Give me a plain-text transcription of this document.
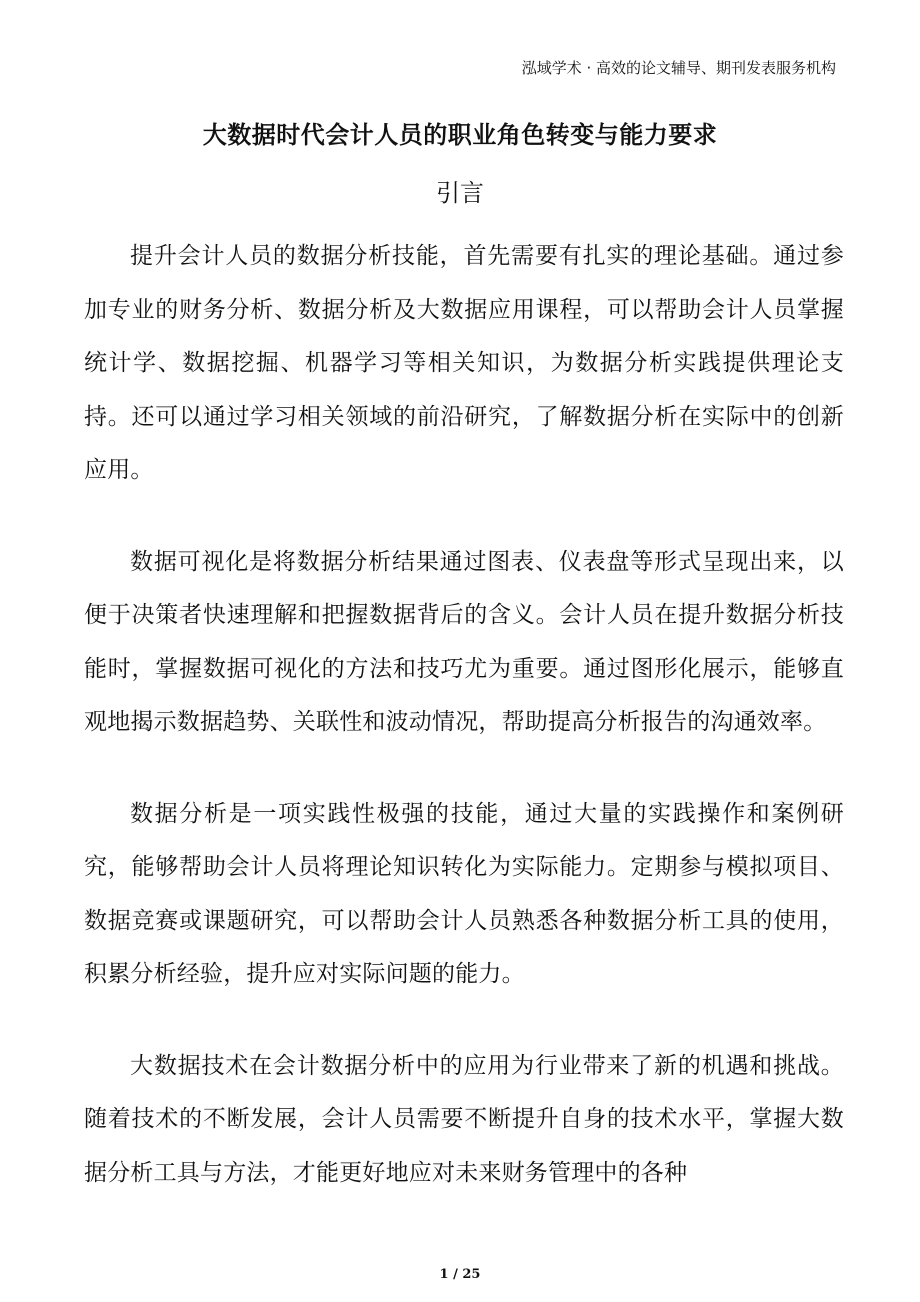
泓域学术 · 高效的论文辅导、期刊发表服务机构
大数据时代会计人员的职业角色转变与能力要求
引言

提升会计人员的数据分析技能，首先需要有扎实的理论基础。通过参加专业的财务分析、数据分析及大数据应用课程，可以帮助会计人员掌握统计学、数据挖掘、机器学习等相关知识，为数据分析实践提供理论支持。还可以通过学习相关领域的前沿研究，了解数据分析在实际中的创新应用。

数据可视化是将数据分析结果通过图表、仪表盘等形式呈现出来，以便于决策者快速理解和把握数据背后的含义。会计人员在提升数据分析技能时，掌握数据可视化的方法和技巧尤为重要。通过图形化展示，能够直观地揭示数据趋势、关联性和波动情况，帮助提高分析报告的沟通效率。

数据分析是一项实践性极强的技能，通过大量的实践操作和案例研究，能够帮助会计人员将理论知识转化为实际能力。定期参与模拟项目、数据竞赛或课题研究，可以帮助会计人员熟悉各种数据分析工具的使用，积累分析经验，提升应对实际问题的能力。

大数据技术在会计数据分析中的应用为行业带来了新的机遇和挑战。随着技术的不断发展，会计人员需要不断提升自身的技术水平，掌握大数据分析工具与方法，才能更好地应对未来财务管理中的各种

1 / 25
